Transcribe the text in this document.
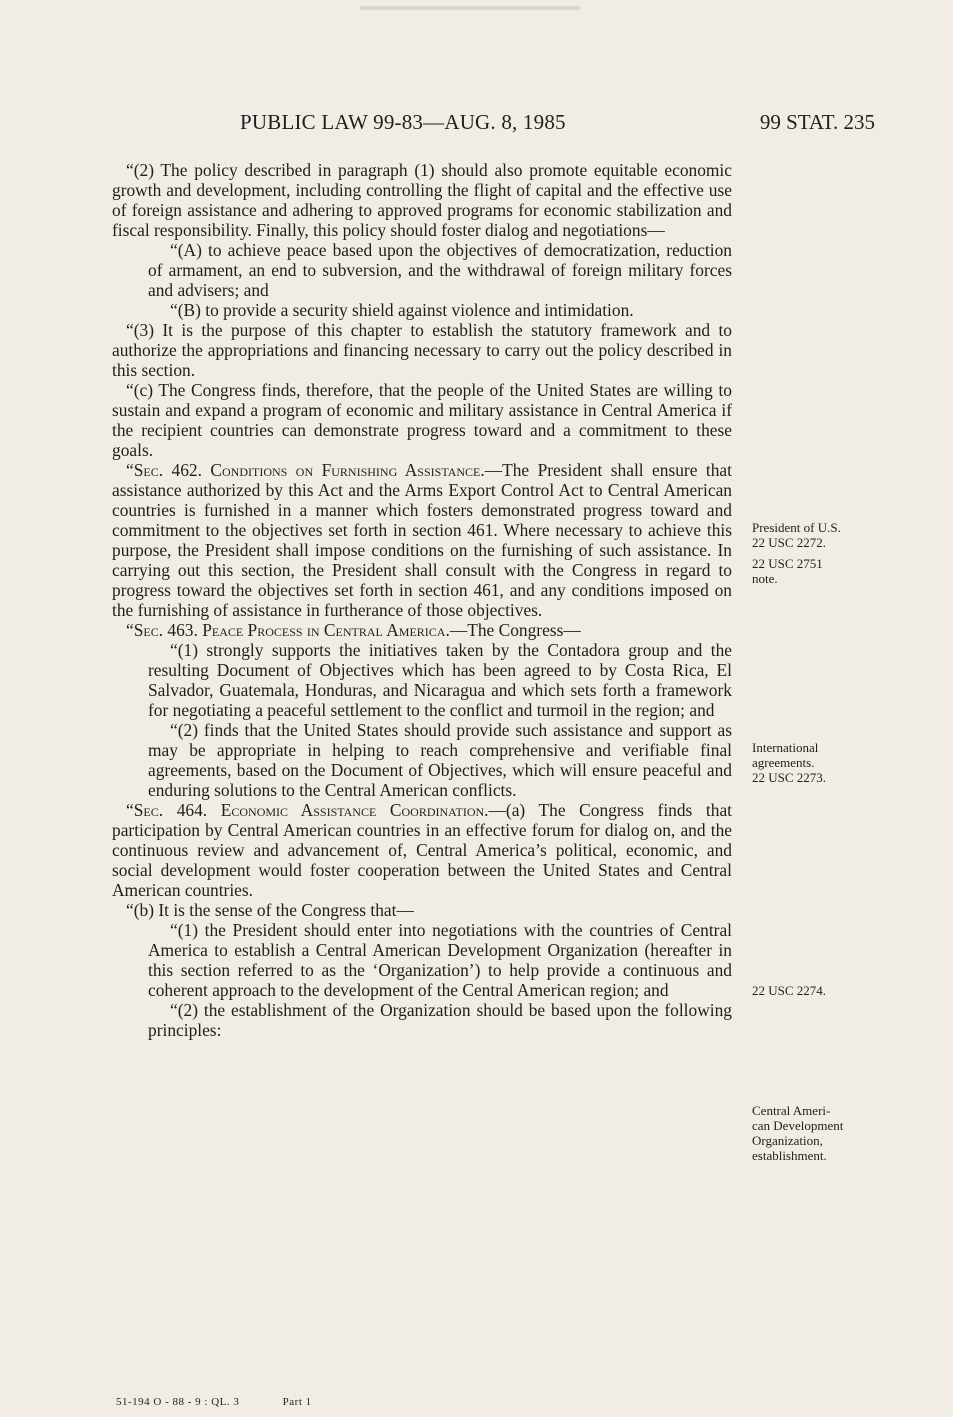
PUBLIC LAW 99-83—AUG. 8, 1985	99 STAT. 235

“(2) The policy described in paragraph (1) should also promote equitable economic growth and development, including controlling the flight of capital and the effective use of foreign assistance and adhering to approved programs for economic stabilization and fiscal responsibility. Finally, this policy should foster dialog and negotiations—

“(A) to achieve peace based upon the objectives of democratization, reduction of armament, an end to subversion, and the withdrawal of foreign military forces and advisers; and

“(B) to provide a security shield against violence and intimidation.

“(3) It is the purpose of this chapter to establish the statutory framework and to authorize the appropriations and financing necessary to carry out the policy described in this section.

“(c) The Congress finds, therefore, that the people of the United States are willing to sustain and expand a program of economic and military assistance in Central America if the recipient countries can demonstrate progress toward and a commitment to these goals.

“Sec. 462. Conditions on Furnishing Assistance.—The President shall ensure that assistance authorized by this Act and the Arms Export Control Act to Central American countries is furnished in a manner which fosters demonstrated progress toward and commitment to the objectives set forth in section 461. Where necessary to achieve this purpose, the President shall impose conditions on the furnishing of such assistance. In carrying out this section, the President shall consult with the Congress in regard to progress toward the objectives set forth in section 461, and any conditions imposed on the furnishing of assistance in furtherance of those objectives.

“Sec. 463. Peace Process in Central America.—The Congress—

“(1) strongly supports the initiatives taken by the Contadora group and the resulting Document of Objectives which has been agreed to by Costa Rica, El Salvador, Guatemala, Honduras, and Nicaragua and which sets forth a framework for negotiating a peaceful settlement to the conflict and turmoil in the region; and

“(2) finds that the United States should provide such assistance and support as may be appropriate in helping to reach comprehensive and verifiable final agreements, based on the Document of Objectives, which will ensure peaceful and enduring solutions to the Central American conflicts.

“Sec. 464. Economic Assistance Coordination.—(a) The Congress finds that participation by Central American countries in an effective forum for dialog on, and the continuous review and advancement of, Central America’s political, economic, and social development would foster cooperation between the United States and Central American countries.

“(b) It is the sense of the Congress that—

“(1) the President should enter into negotiations with the countries of Central America to establish a Central American Development Organization (hereafter in this section referred to as the ‘Organization’) to help provide a continuous and coherent approach to the development of the Central American region; and

“(2) the establishment of the Organization should be based upon the following principles:

President of U.S.
22 USC 2272.

22 USC 2751
note.

International
agreements.
22 USC 2273.

22 USC 2274.

Central Ameri-
can Development
Organization,
establishment.

51-194 O - 88 - 9 : QL. 3	Part 1
